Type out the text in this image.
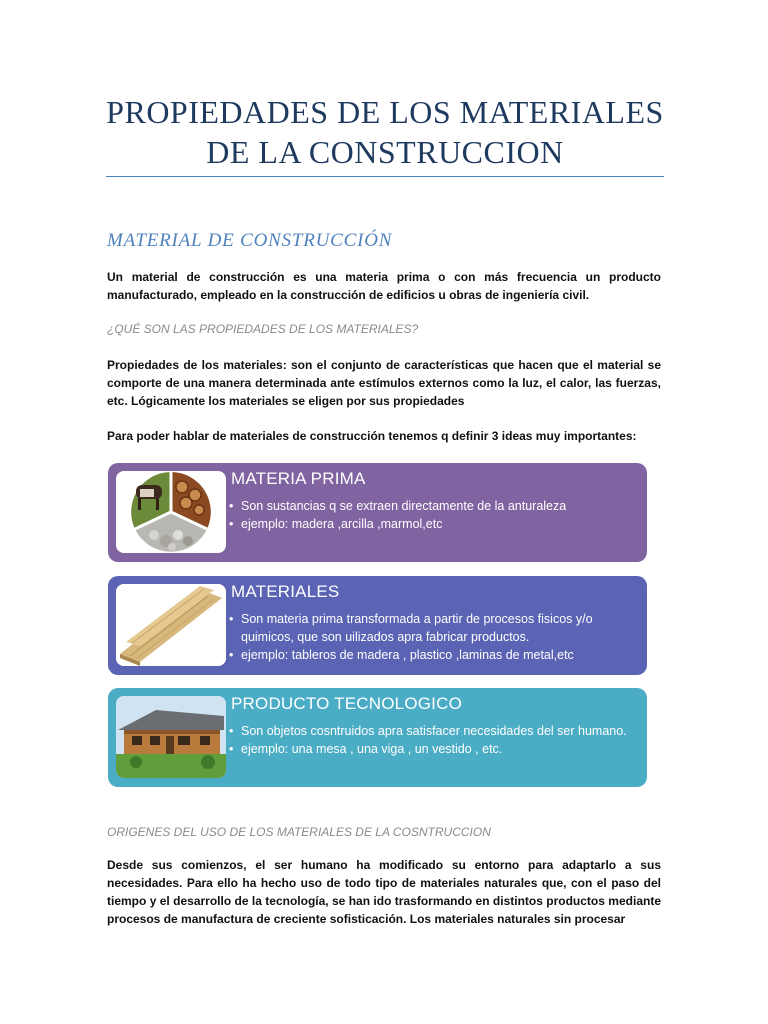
PROPIEDADES DE LOS MATERIALES
DE LA CONSTRUCCION
MATERIAL DE CONSTRUCCIÓN
Un material de construcción es una materia prima o con más frecuencia un producto manufacturado, empleado en la construcción de edificios u obras de ingeniería civil.
¿QUÉ SON LAS PROPIEDADES DE LOS MATERIALES?
Propiedades de los materiales: son el conjunto de características que hacen que el material se comporte de una manera determinada ante estímulos externos como la luz, el calor, las fuerzas, etc. Lógicamente los materiales se eligen por sus propiedades
Para poder hablar de materiales de construcción tenemos q definir 3 ideas muy importantes:
MATERIA PRIMA
• Son sustancias q se extraen directamente de la anturaleza
• ejemplo: madera ,arcilla ,marmol,etc
MATERIALES
• Son materia prima transformada a partir de procesos fisicos y/o quimicos, que son uilizados apra fabricar productos.
• ejemplo: tableros de madera , plastico ,laminas de metal,etc
PRODUCTO TECNOLOGICO
• Son objetos cosntruidos apra satisfacer necesidades del ser humano.
• ejemplo: una mesa , una viga , un vestido , etc.
ORIGENES DEL USO DE LOS MATERIALES DE LA COSNTRUCCION
Desde sus comienzos, el ser humano ha modificado su entorno para adaptarlo a sus necesidades. Para ello ha hecho uso de todo tipo de materiales naturales que, con el paso del tiempo y el desarrollo de la tecnología, se han ido trasformando en distintos productos mediante procesos de manufactura de creciente sofisticación. Los materiales naturales sin procesar
